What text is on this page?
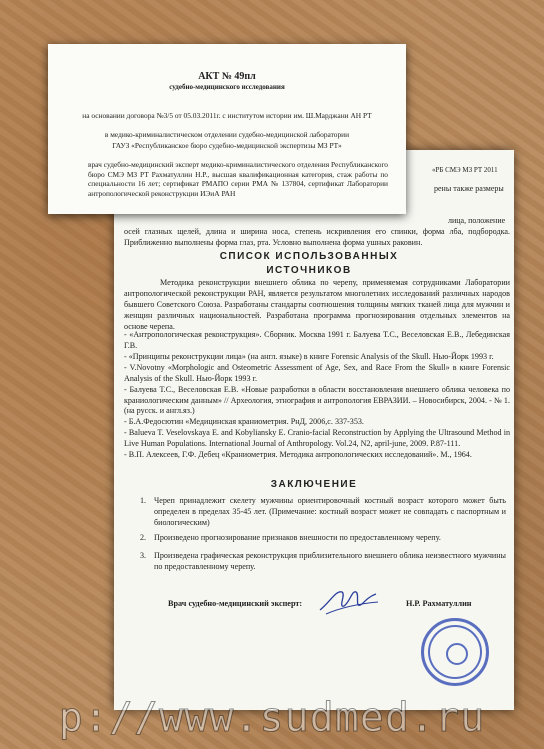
«РБ СМЭ МЗ РТ 2011
рены также размеры
лица, положение
осей глазных щелей, длина и ширина носа, степень искривления его спинки, форма лба, подбородка. Приближенно выполнены форма глаз, рта. Условно выполнена форма ушных раковин.
СПИСОК ИСПОЛЬЗОВАННЫХ ИСТОЧНИКОВ
Методика реконструкции внешнего облика по черепу, применяемая сотрудниками Лаборатории антропологической реконструкции РАН, является результатом многолетних исследований различных народов бывшего Советского Союза. Разработаны стандарты соотношения толщины мягких тканей лица для мужчин и женщин различных национальностей. Разработана программа прогнозирования отдельных элементов на основе черепа.

- «Антропологическая реконструкция». Сборник. Москва 1991 г. Балуева Т.С., Веселовская Е.В., Лебединская Г.В.

- «Принципы реконструкции лица» (на англ. языке) в книге Forensic Analysis of the Skull. Нью-Йорк 1993 г.

- V.Novotny «Morphologic and Osteometric Assessment of Age, Sex, and Race From the Skull» в книге Forensic Analysis of the Skull. Нью-Йорк 1993 г.

- Балуева Т.С., Веселовская Е.В. «Новые разработки в области восстановления внешнего облика человека по краниологическим данным» // Археология, этнография и антропология ЕВРАЗИИ. – Новосибирск, 2004. - № 1.(на русск. и англ.яз.)

- Б.А.Федосютин «Медицинская краниометрия. РнД, 2006,с. 337-353.

- Balueva T. Veselovskaya E. and Kobylianskу E. Cranio-facial Reconstruction by Applying the Ultrasound Method in Live Human Populations. International Journal of Anthropology. Vol.24, N2, april-june, 2009. P.87-111.

- В.П. Алексеев, Г.Ф. Дебец «Краниометрия. Методика антропологических исследований». М., 1964.

ЗАКЛЮЧЕНИЕ
1. Череп принадлежит скелету мужчины ориентировочный костный возраст которого может быть определен в пределах 35-45 лет. (Примечание: костный возраст может не совпадать с паспортным и биологическим)
2. Произведено прогнозирование признаков внешности по предоставленному черепу.
3. Произведена графическая реконструкция приблизительного внешнего облика неизвестного мужчины по предоставленному черепу.
Врач судебно-медицинский эксперт:	Н.Р. Рахматуллин
АКТ № 49пл
судебно-медицинского исследования
на основании договора №3/5 от 05.03.2011г. с институтом истории им. Ш.Марджани АН РТ
в медико-криминалистическом отделении судебно-медицинской лаборатории
ГАУЗ «Республиканское бюро судебно-медицинской экспертизы МЗ РТ»
врач судебно-медицинский эксперт медико-криминалистического отделения Республиканского бюро СМЭ МЗ РТ Рахматуллин Н.Р., высшая квалификационная категория, стаж работы по специальности 16 лет; сертификат РМАПО серии РМА № 137804, сертификат Лаборатории антропологической реконструкции ИЭиА РАН
p://www.sudmed.ru
